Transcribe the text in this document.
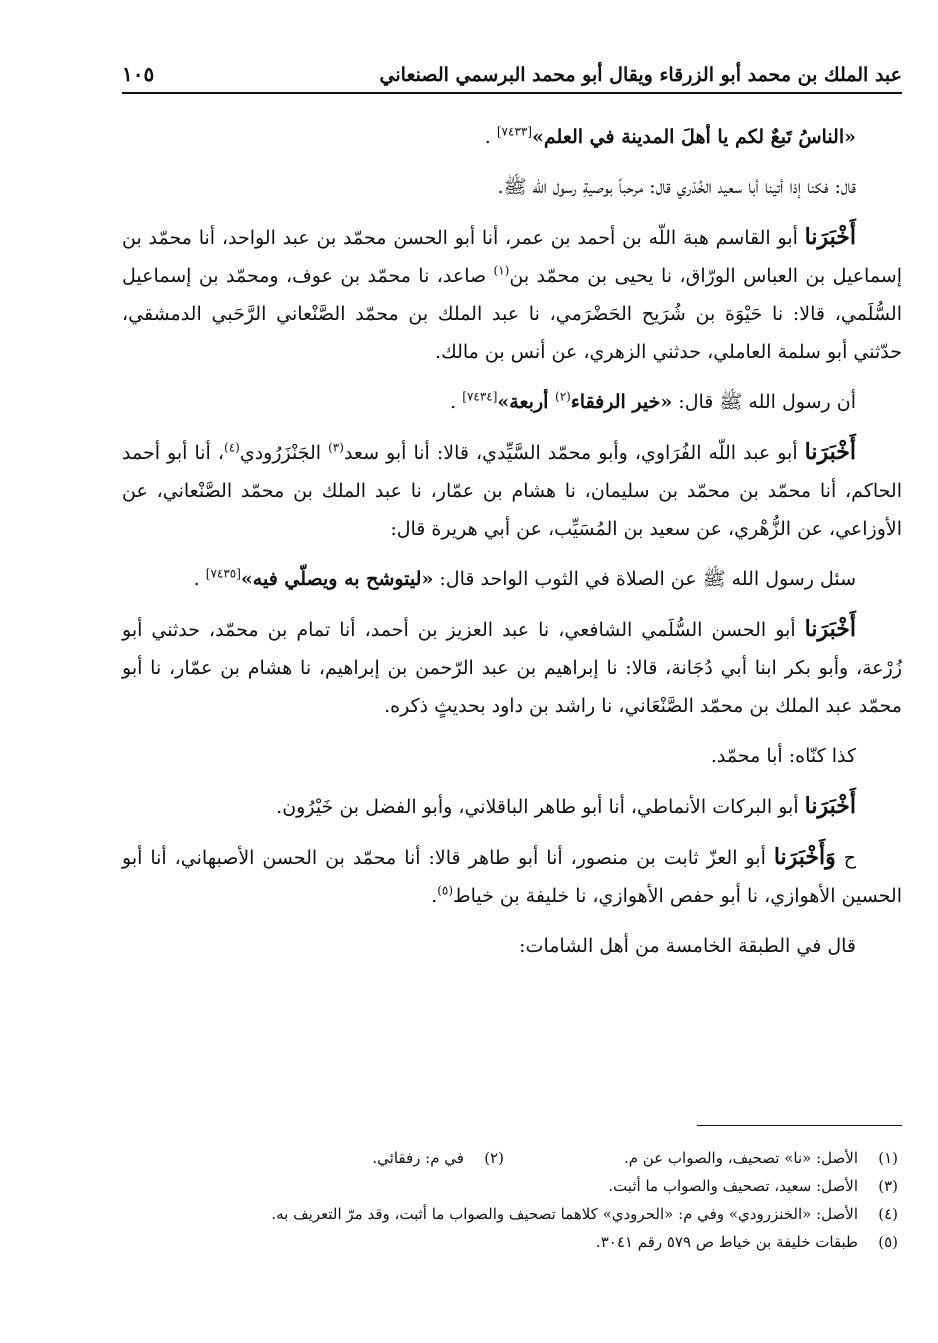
عبد الملك بن محمد أبو الزرقاء ويقال أبو محمد البرسمي الصنعاني
١٠٥

«الناسُ تَبعٌ لكم يا أهلَ المدينة في العلم»[٧٤٣٣] .

قال: فكنا إذا أتينا أبا سعيد الخُدْري قال: مرحباً بوصيةِ رسول الله ﷺ.

أَخْبَرَنا أبو القاسم هبة اللّه بن أحمد بن عمر، أنا أبو الحسن محمّد بن عبد الواحد، أنا محمّد بن إسماعيل بن العباس الورّاق، نا يحيى بن محمّد بن$^{(١)}$ صاعد، نا محمّد بن عوف، ومحمّد بن إسماعيل السُّلَمي، قالا: نا حَيْوَة بن شُرَيح الحَضْرَمي، نا عبد الملك بن محمّد الصَّنْعاني الرَّحَبي الدمشقي، حدّثني أبو سلمة العاملي، حدثني الزهري، عن أنس بن مالك.

أن رسول الله ﷺ قال: «خير الرفقاء$^{(٢)}$ أربعة»[٧٤٣٤] .

أَخْبَرَنا أبو عبد اللّه الفُرَاوي، وأبو محمّد السَّيِّدي، قالا: أنا أبو سعد$^{(٣)}$ الجَنْزَرُودي$^{(٤)}$، أنا أبو أحمد الحاكم، أنا محمّد بن محمّد بن سليمان، نا هشام بن عمّار، نا عبد الملك بن محمّد الصَّنْعاني، عن الأوزاعي، عن الزُّهْري، عن سعيد بن المُسَيِّب، عن أبي هريرة قال:

سئل رسول الله ﷺ عن الصلاة في الثوب الواحد قال: «ليتوشح به ويصلّي فيه»[٧٤٣٥] .

أَخْبَرَنا أبو الحسن السُّلَمي الشافعي، نا عبد العزيز بن أحمد، أنا تمام بن محمّد، حدثني أبو زُرْعة، وأبو بكر ابنا أبي دُجَانة، قالا: نا إبراهيم بن عبد الرّحمن بن إبراهيم، نا هشام بن عمّار، نا أبو محمّد عبد الملك بن محمّد الصَّنْعَاني، نا راشد بن داود بحديثٍ ذكره.

كذا كنّاه: أبا محمّد.

أَخْبَرَنا أبو البركات الأنماطي، أنا أبو طاهر الباقلاني، وأبو الفضل بن خَيْرُون.

ح وَأَخْبَرَنا أبو العزّ ثابت بن منصور، أنا أبو طاهر قالا: أنا محمّد بن الحسن الأصبهاني، أنا أبو الحسين الأهوازي، نا أبو حفص الأهوازي، نا خليفة بن خياط$^{(٥)}$.

قال في الطبقة الخامسة من أهل الشامات:

(١)الأصل: «نا» تصحيف، والصواب عن م.(٢)في م: رفقائي.
(٣)الأصل: سعيد، تصحيف والصواب ما أثبت.
(٤)الأصل: «الخنزرودي» وفي م: «الحرودي» كلاهما تصحيف والصواب ما أثبت، وقد مرّ التعريف به.
(٥)طبقات خليفة بن خياط ص ٥٧٩ رقم ٣٠٤١.
